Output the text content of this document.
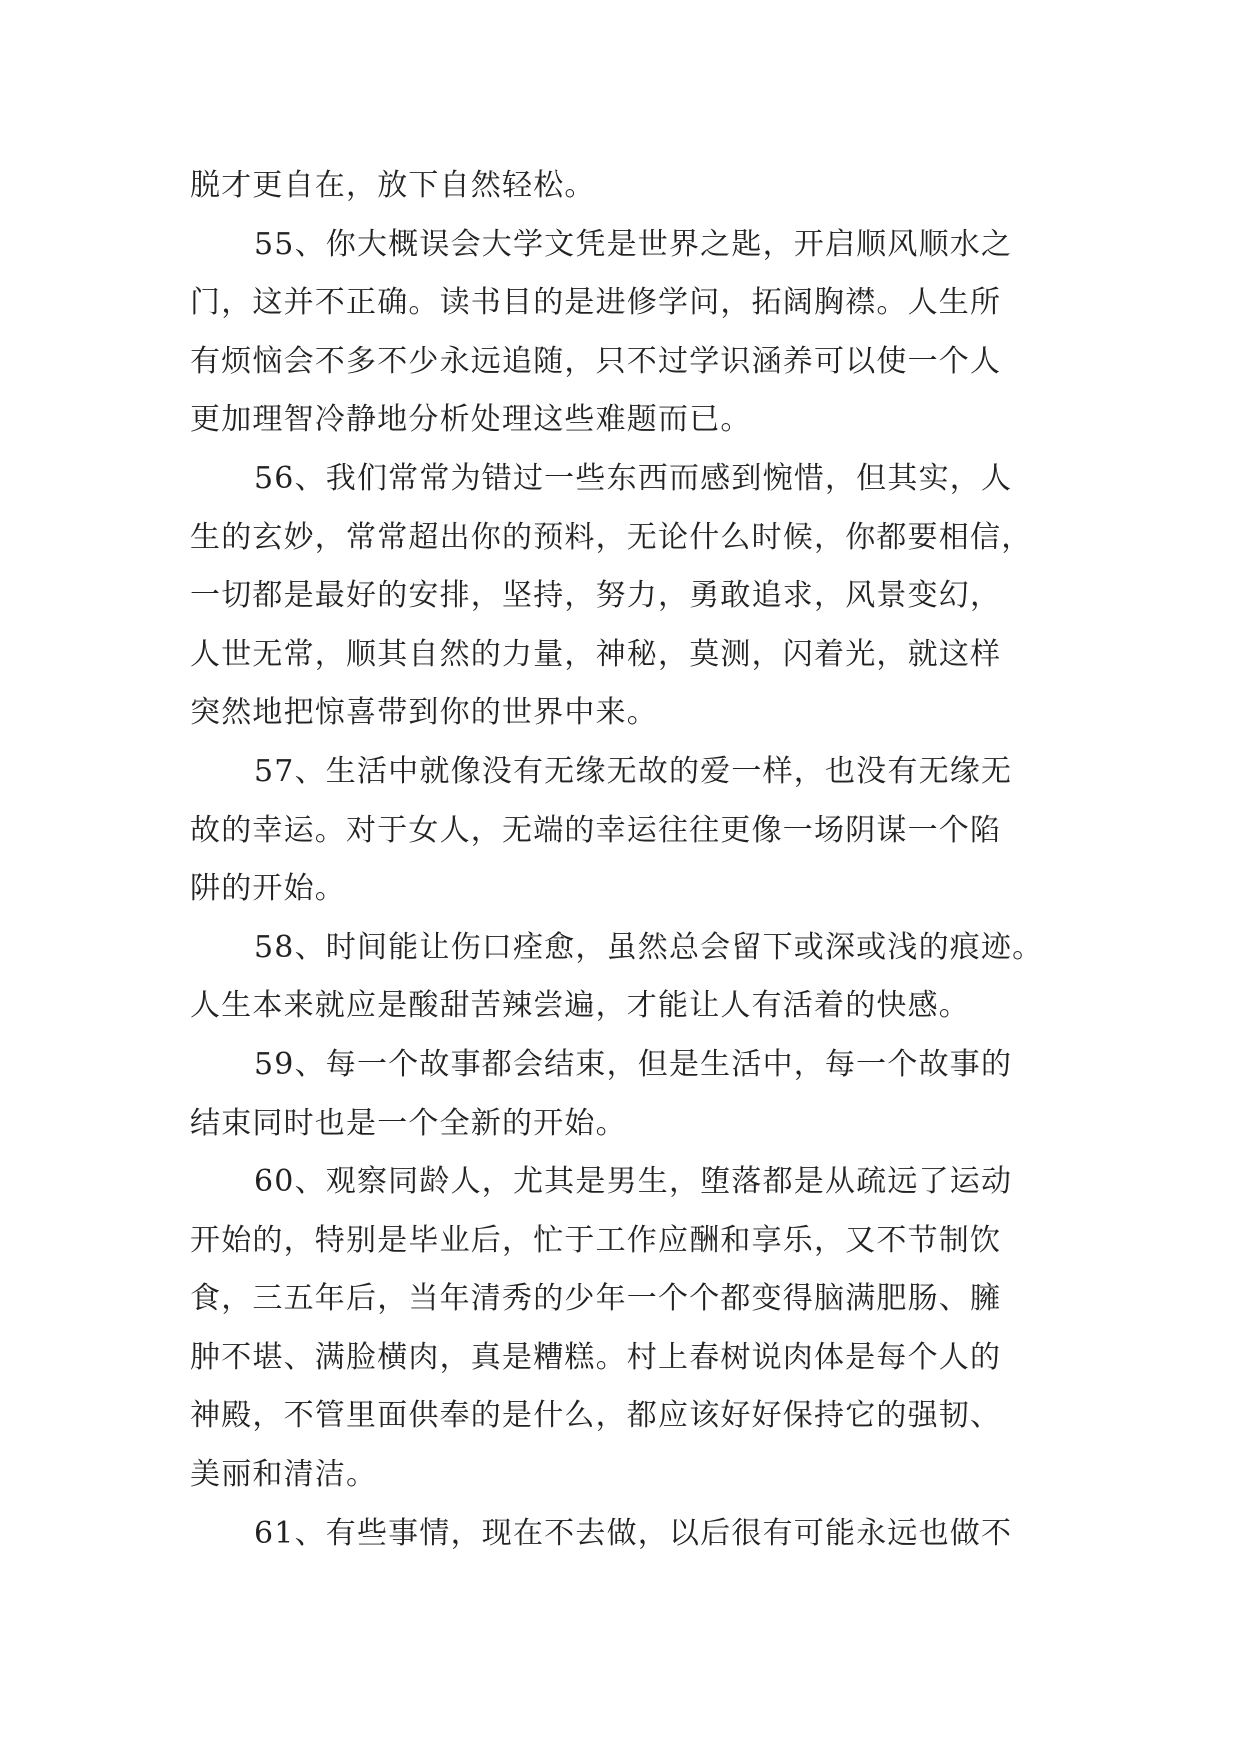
脱才更自在，放下自然轻松。
55、你大概误会大学文凭是世界之匙，开启顺风顺水之
门，这并不正确。读书目的是进修学问，拓阔胸襟。人生所
有烦恼会不多不少永远追随，只不过学识涵养可以使一个人
更加理智冷静地分析处理这些难题而已。
56、我们常常为错过一些东西而感到惋惜，但其实，人
生的玄妙，常常超出你的预料，无论什么时候，你都要相信，
一切都是最好的安排，坚持，努力，勇敢追求，风景变幻，
人世无常，顺其自然的力量，神秘，莫测，闪着光，就这样
突然地把惊喜带到你的世界中来。
57、生活中就像没有无缘无故的爱一样，也没有无缘无
故的幸运。对于女人，无端的幸运往往更像一场阴谋一个陷
阱的开始。
58、时间能让伤口痊愈，虽然总会留下或深或浅的痕迹。
人生本来就应是酸甜苦辣尝遍，才能让人有活着的快感。
59、每一个故事都会结束，但是生活中，每一个故事的
结束同时也是一个全新的开始。
60、观察同龄人，尤其是男生，堕落都是从疏远了运动
开始的，特别是毕业后，忙于工作应酬和享乐，又不节制饮
食，三五年后，当年清秀的少年一个个都变得脑满肥肠、臃
肿不堪、满脸横肉，真是糟糕。村上春树说肉体是每个人的
神殿，不管里面供奉的是什么，都应该好好保持它的强韧、
美丽和清洁。
61、有些事情，现在不去做，以后很有可能永远也做不
